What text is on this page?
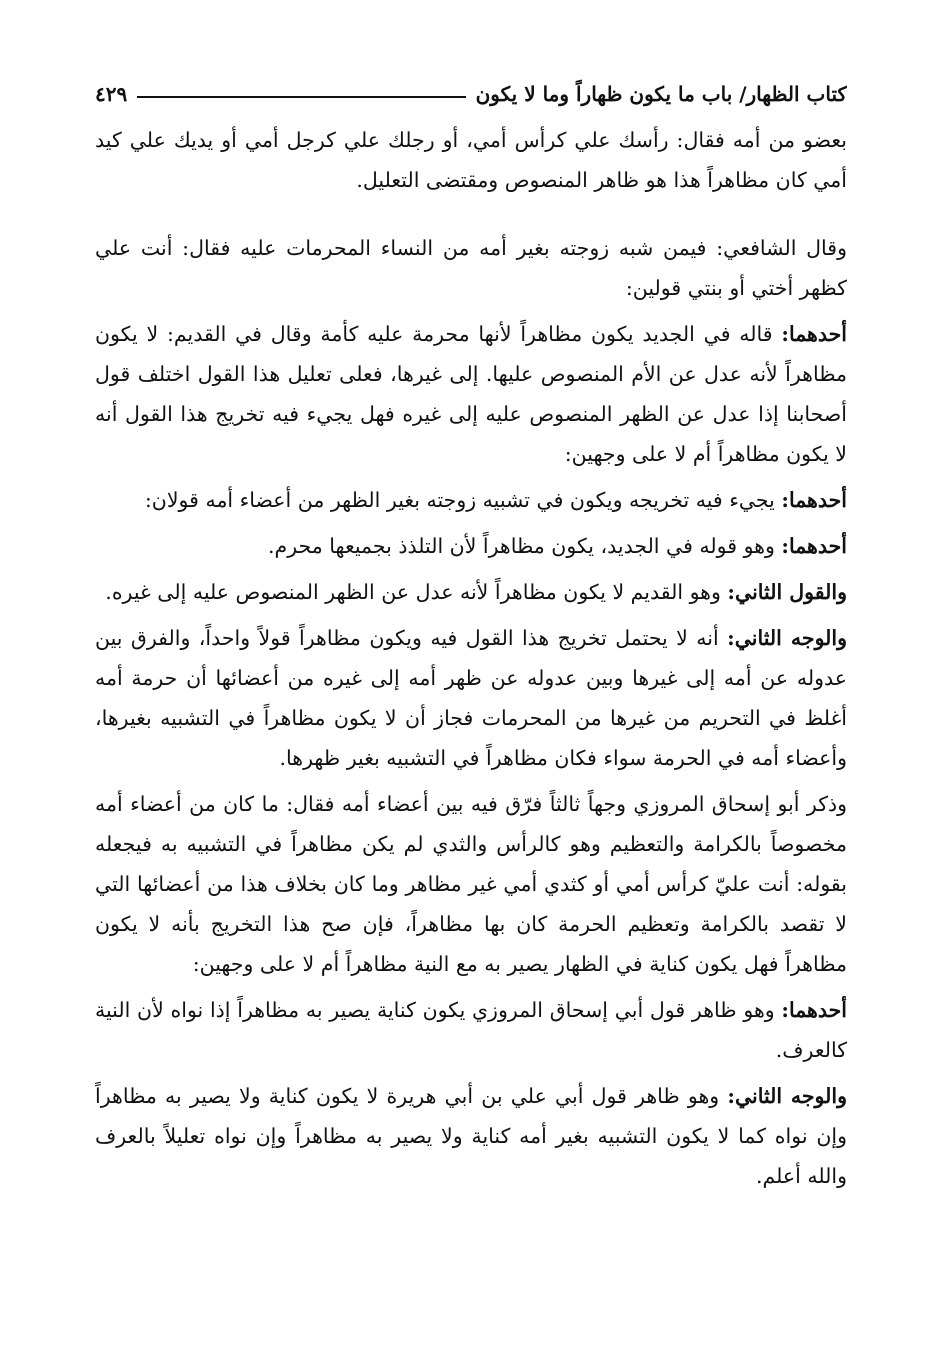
كتاب الظهار/ باب ما يكون ظهاراً وما لا يكون
٤٢٩

بعضو من أمه فقال: رأسك علي كرأس أمي، أو رجلك علي كرجل أمي أو يديك علي كيد أمي كان مظاهراً هذا هو ظاهر المنصوص ومقتضى التعليل.

وقال الشافعي: فيمن شبه زوجته بغير أمه من النساء المحرمات عليه فقال: أنت علي كظهر أختي أو بنتي قولين:

أحدهما: قاله في الجديد يكون مظاهراً لأنها محرمة عليه كأمة وقال في القديم: لا يكون مظاهراً لأنه عدل عن الأم المنصوص عليها. إلى غيرها، فعلى تعليل هذا القول اختلف قول أصحابنا إذا عدل عن الظهر المنصوص عليه إلى غيره فهل يجيء فيه تخريج هذا القول أنه لا يكون مظاهراً أم لا على وجهين:

أحدهما: يجيء فيه تخريجه ويكون في تشبيه زوجته بغير الظهر من أعضاء أمه قولان:

أحدهما: وهو قوله في الجديد، يكون مظاهراً لأن التلذذ بجميعها محرم.

والقول الثاني: وهو القديم لا يكون مظاهراً لأنه عدل عن الظهر المنصوص عليه إلى غيره.

والوجه الثاني: أنه لا يحتمل تخريج هذا القول فيه ويكون مظاهراً قولاً واحداً، والفرق بين عدوله عن أمه إلى غيرها وبين عدوله عن ظهر أمه إلى غيره من أعضائها أن حرمة أمه أغلظ في التحريم من غيرها من المحرمات فجاز أن لا يكون مظاهراً في التشبيه بغيرها، وأعضاء أمه في الحرمة سواء فكان مظاهراً في التشبيه بغير ظهرها.

وذكر أبو إسحاق المروزي وجهاً ثالثاً فرّق فيه بين أعضاء أمه فقال: ما كان من أعضاء أمه مخصوصاً بالكرامة والتعظيم وهو كالرأس والثدي لم يكن مظاهراً في التشبيه به فيجعله بقوله: أنت عليّ كرأس أمي أو كثدي أمي غير مظاهر وما كان بخلاف هذا من أعضائها التي لا تقصد بالكرامة وتعظيم الحرمة كان بها مظاهراً، فإن صح هذا التخريج بأنه لا يكون مظاهراً فهل يكون كناية في الظهار يصير به مع النية مظاهراً أم لا على وجهين:

أحدهما: وهو ظاهر قول أبي إسحاق المروزي يكون كناية يصير به مظاهراً إذا نواه لأن النية كالعرف.

والوجه الثاني: وهو ظاهر قول أبي علي بن أبي هريرة لا يكون كناية ولا يصير به مظاهراً وإن نواه كما لا يكون التشبيه بغير أمه كناية ولا يصير به مظاهراً وإن نواه تعليلاً بالعرف والله أعلم.
